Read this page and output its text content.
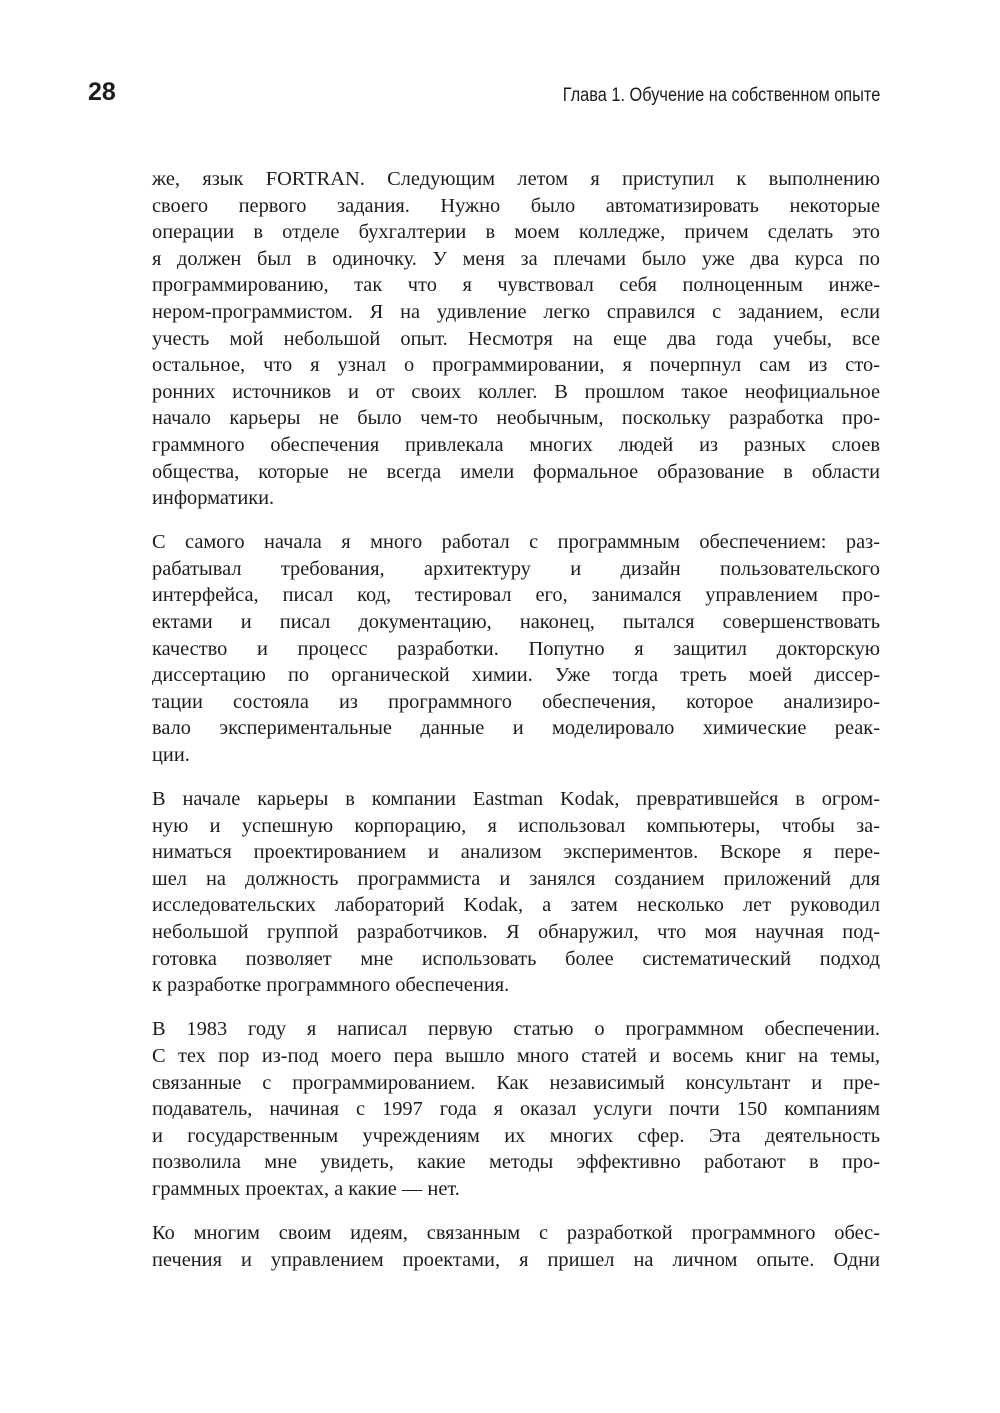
28	Глава 1. Обучение на собственном опыте
же, язык FORTRAN. Следующим летом я приступил к выполнению
своего первого задания. Нужно было автоматизировать некоторые
операции в отделе бухгалтерии в моем колледже, причем сделать это
я должен был в одиночку. У меня за плечами было уже два курса по
программированию, так что я чувствовал себя полноценным инже-
нером-программистом. Я на удивление легко справился с заданием, если
учесть мой небольшой опыт. Несмотря на еще два года учебы, все
остальное, что я узнал о программировании, я почерпнул сам из сто-
ронних источников и от своих коллег. В прошлом такое неофициальное
начало карьеры не было чем-то необычным, поскольку разработка про-
граммного обеспечения привлекала многих людей из разных слоев
общества, которые не всегда имели формальное образование в области
информатики.
С самого начала я много работал с программным обеспечением: раз-
рабатывал требования, архитектуру и дизайн пользовательского
интерфейса, писал код, тестировал его, занимался управлением про-
ектами и писал документацию, наконец, пытался совершенствовать
качество и процесс разработки. Попутно я защитил докторскую
диссертацию по органической химии. Уже тогда треть моей диссер-
тации состояла из программного обеспечения, которое анализиро-
вало экспериментальные данные и моделировало химические реак-
ции.
В начале карьеры в компании Eastman Kodak, превратившейся в огром-
ную и успешную корпорацию, я использовал компьютеры, чтобы за-
ниматься проектированием и анализом экспериментов. Вскоре я пере-
шел на должность программиста и занялся созданием приложений для
исследовательских лабораторий Kodak, а затем несколько лет руководил
небольшой группой разработчиков. Я обнаружил, что моя научная под-
готовка позволяет мне использовать более систематический подход
к разработке программного обеспечения.
В 1983 году я написал первую статью о программном обеспечении.
С тех пор из-под моего пера вышло много статей и восемь книг на темы,
связанные с программированием. Как независимый консультант и пре-
подаватель, начиная с 1997 года я оказал услуги почти 150 компаниям
и государственным учреждениям их многих сфер. Эта деятельность
позволила мне увидеть, какие методы эффективно работают в про-
граммных проектах, а какие — нет.
Ко многим своим идеям, связанным с разработкой программного обес-
печения и управлением проектами, я пришел на личном опыте. Одни
